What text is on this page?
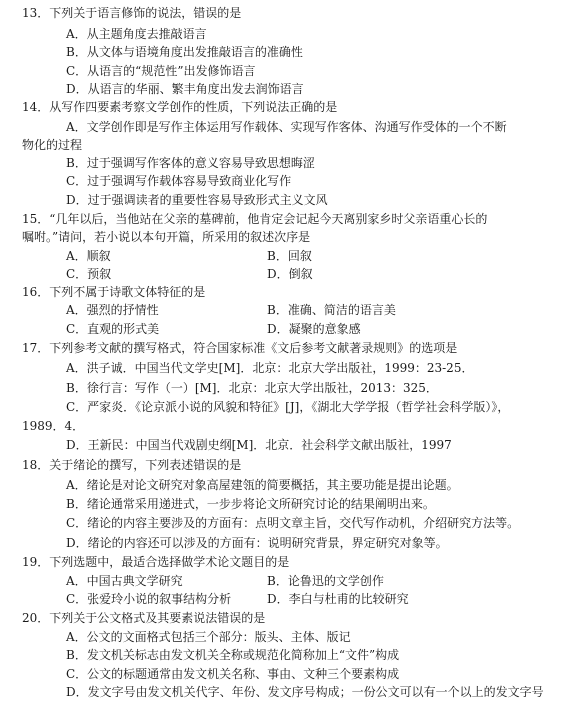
13．下列关于语言修饰的说法，错误的是
A．从主题角度去推敲语言
B．从文体与语境角度出发推敲语言的准确性
C．从语言的“规范性”出发修饰语言
D．从语言的华丽、繁丰角度出发去润饰语言
14．从写作四要素考察文学创作的性质，下列说法正确的是
A．文学创作即是写作主体运用写作载体、实现写作客体、沟通写作受体的一个不断
物化的过程
B．过于强调写作客体的意义容易导致思想晦涩
C．过于强调写作载体容易导致商业化写作
D．过于强调读者的重要性容易导致形式主义文风
15．“几年以后，当他站在父亲的墓碑前，他肯定会记起今天离别家乡时父亲语重心长的
嘱咐。”请问，若小说以本句开篇，所采用的叙述次序是
A．顺叙	B．回叙
C．预叙	D．倒叙
16．下列不属于诗歌文体特征的是
A．强烈的抒情性	B．准确、简洁的语言美
C．直观的形式美	D．凝聚的意象感
17．下列参考文献的撰写格式，符合国家标准《文后参考文献著录规则》的选项是
A．洪子诚．中国当代文学史[M]．北京：北京大学出版社，1999：23-25．
B．徐行言：写作（一）[M]．北京：北京大学出版社，2013：325．
C．严家炎．《论京派小说的风貌和特征》[J]，《湖北大学学报（哲学社会科学版）》，
1989．4．
D．王新民：中国当代戏剧史纲[M]．北京．社会科学文献出版社，1997
18．关于绪论的撰写，下列表述错误的是
A．绪论是对论文研究对象高屋建瓴的简要概括，其主要功能是提出论题。
B．绪论通常采用递进式，一步步将论文所研究讨论的结果阐明出来。
C．绪论的内容主要涉及的方面有：点明文章主旨，交代写作动机，介绍研究方法等。
D．绪论的内容还可以涉及的方面有：说明研究背景，界定研究对象等。
19．下列选题中，最适合选择做学术论文题目的是
A．中国古典文学研究	B．论鲁迅的文学创作
C．张爱玲小说的叙事结构分析	D．李白与杜甫的比较研究
20．下列关于公文格式及其要素说法错误的是
A．公文的文面格式包括三个部分：版头、主体、版记
B．发文机关标志由发文机关全称或规范化简称加上“文件”构成
C．公文的标题通常由发文机关名称、事由、文种三个要素构成
D．发文字号由发文机关代字、年份、发文序号构成；一份公文可以有一个以上的发文字号
